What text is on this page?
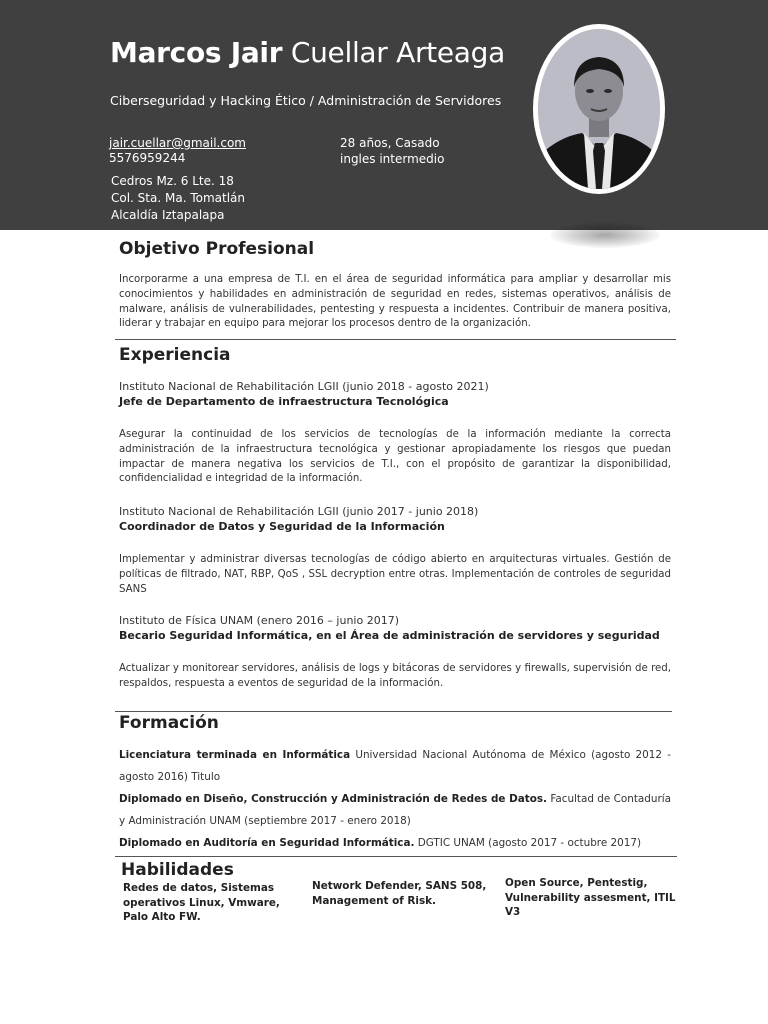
Marcos Jair Cuellar Arteaga
Ciberseguridad y Hacking Ético / Administración de Servidores
jair.cuellar@gmail.com
5576959244
28 años, Casado
ingles intermedio
Cedros Mz. 6 Lte. 18
Col. Sta. Ma. Tomatlán
Alcaldía Iztapalapa
Objetivo Profesional
Incorporarme a una empresa de T.I. en el área de seguridad informática para ampliar y desarrollar mis conocimientos y habilidades en administración de seguridad en redes, sistemas operativos, análisis de malware, análisis de vulnerabilidades, pentesting y respuesta a incidentes. Contribuir de manera positiva, liderar y trabajar en equipo para mejorar los procesos dentro de la organización.
Experiencia
Instituto Nacional de Rehabilitación LGII (junio 2018 - agosto 2021)
Jefe de Departamento de infraestructura Tecnológica
Asegurar la continuidad de los servicios de tecnologías de la información mediante la correcta administración de la infraestructura tecnológica y gestionar apropiadamente los riesgos que puedan impactar de manera negativa los servicios de T.I., con el propósito de garantizar la disponibilidad, confidencialidad e integridad de la información.
Instituto Nacional de Rehabilitación LGII (junio 2017 - junio 2018)
Coordinador de Datos y Seguridad de la Información
Implementar y administrar diversas tecnologías de código abierto en arquitecturas virtuales. Gestión de políticas de filtrado, NAT, RBP, QoS , SSL decryption entre otras. Implementación de controles de seguridad SANS
Instituto de Física UNAM (enero 2016 – junio 2017)
Becario Seguridad Informática, en el Área de administración de servidores y seguridad
Actualizar y monitorear servidores, análisis de logs y bitácoras de servidores y firewalls, supervisión de red, respaldos, respuesta a eventos de seguridad de la información.
Formación
Licenciatura terminada en Informática Universidad Nacional Autónoma de México (agosto 2012 - agosto 2016) Titulo
Diplomado en Diseño, Construcción y Administración de Redes de Datos. Facultad de Contaduría y Administración UNAM (septiembre 2017 - enero 2018)
Diplomado en Auditoría en Seguridad Informática. DGTIC UNAM (agosto 2017 - octubre 2017)
Habilidades
Redes de datos, Sistemas operativos Linux, Vmware, Palo Alto FW.
Network Defender, SANS 508, Management of Risk.
Open Source, Pentestig, Vulnerability assesment, ITIL V3
